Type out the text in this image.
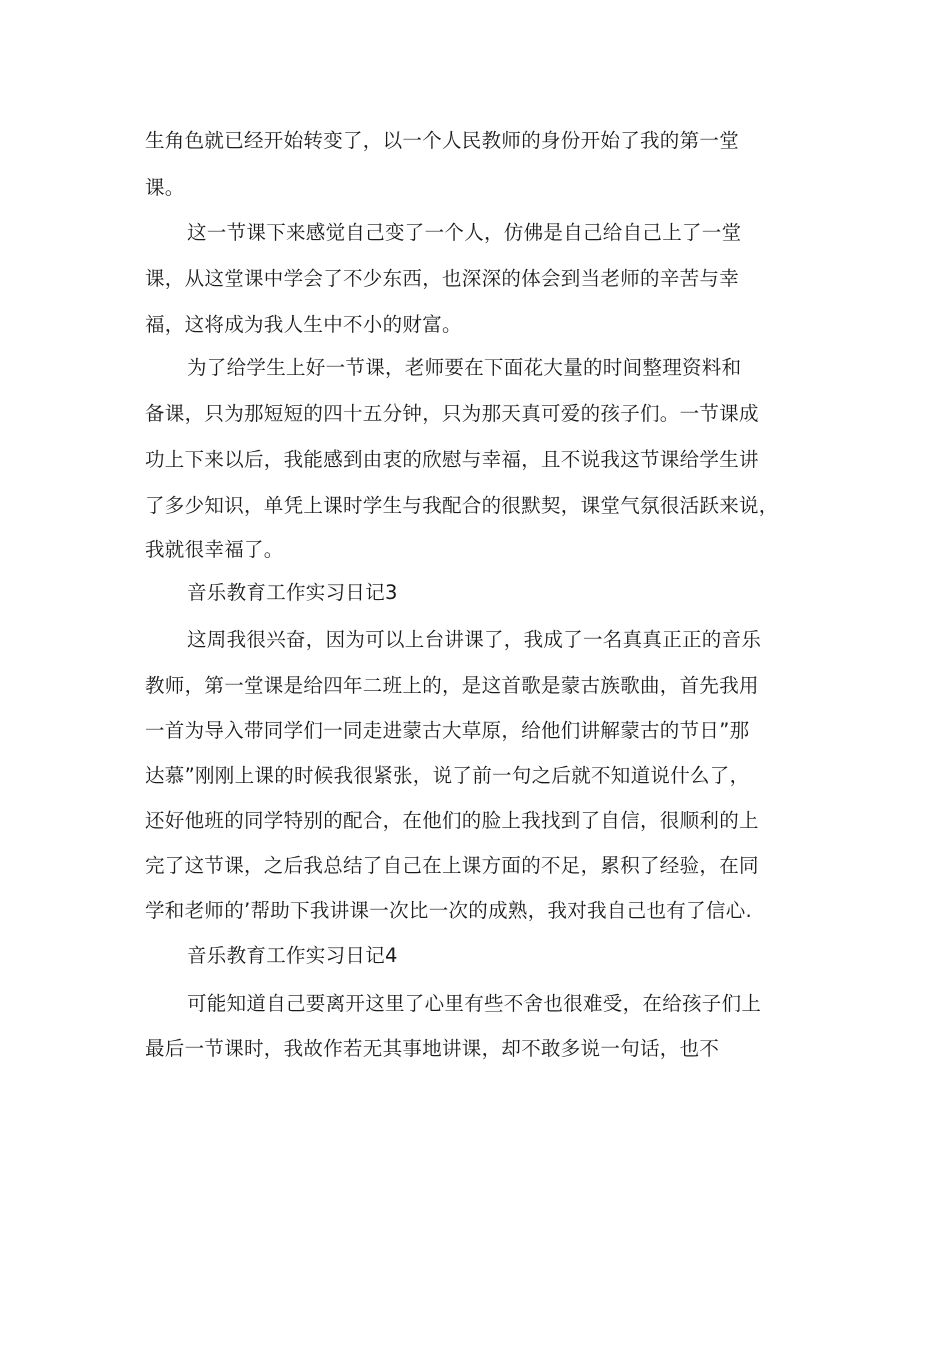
生角色就已经开始转变了，以一个人民教师的身份开始了我的第一堂
课。
这一节课下来感觉自己变了一个人，仿佛是自己给自己上了一堂
课，从这堂课中学会了不少东西，也深深的体会到当老师的辛苦与幸
福，这将成为我人生中不小的财富。
为了给学生上好一节课，老师要在下面花大量的时间整理资料和
备课，只为那短短的四十五分钟，只为那天真可爱的孩子们。一节课成
功上下来以后，我能感到由衷的欣慰与幸福，且不说我这节课给学生讲
了多少知识，单凭上课时学生与我配合的很默契，课堂气氛很活跃来说，
我就很幸福了。
音乐教育工作实习日记3
这周我很兴奋，因为可以上台讲课了，我成了一名真真正正的音乐
教师，第一堂课是给四年二班上的，是这首歌是蒙古族歌曲，首先我用
一首为导入带同学们一同走进蒙古大草原，给他们讲解蒙古的节日”那
达慕”刚刚上课的时候我很紧张，说了前一句之后就不知道说什么了，
还好他班的同学特别的配合，在他们的脸上我找到了自信，很顺利的上
完了这节课，之后我总结了自己在上课方面的不足，累积了经验，在同
学和老师的’帮助下我讲课一次比一次的成熟，我对我自己也有了信心.
音乐教育工作实习日记4
可能知道自己要离开这里了心里有些不舍也很难受，在给孩子们上
最后一节课时，我故作若无其事地讲课，却不敢多说一句话，也不
